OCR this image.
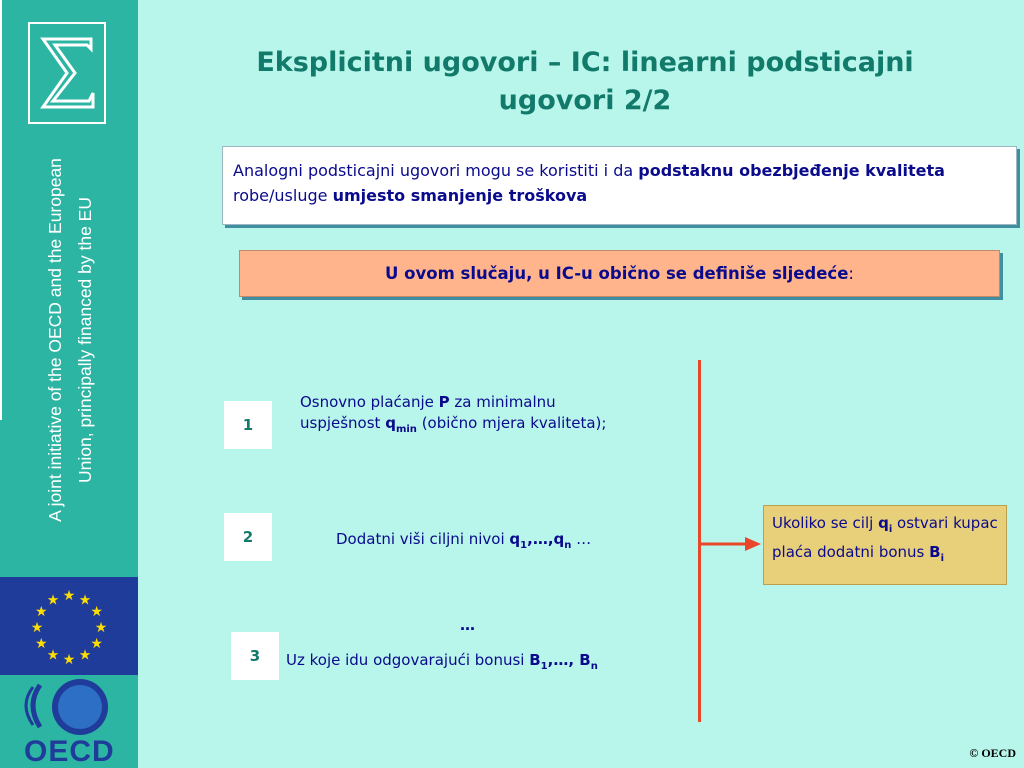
A joint initiative of the OECD and the European Union, principally financed by the EU
★ ★
★
★
★
★
★
★
★
★
★
★
OECD
Eksplicitni ugovori – IC: linearni podsticajni
ugovori 2/2
Analogni podsticajni ugovori mogu se koristiti i da podstaknu obezbjeđenje kvaliteta robe/usluge umjesto smanjenje troškova
U ovom slučaju, u IC-u obično se definiše sljedeće :
1
Osnovno plaćanje P za minimalnu
uspješnost $q_{min}$ (obično mjera kvaliteta);
2	Dodatni viši ciljni nivoi $q_1,\dots,q_n$ …
…
3	Uz koje idu odgovarajući bonusi $B_1,\dots$, $B_n$
Ukoliko se cilj $q_i$ ostvari kupac plaća dodatni bonus $B_i$
© OECD
